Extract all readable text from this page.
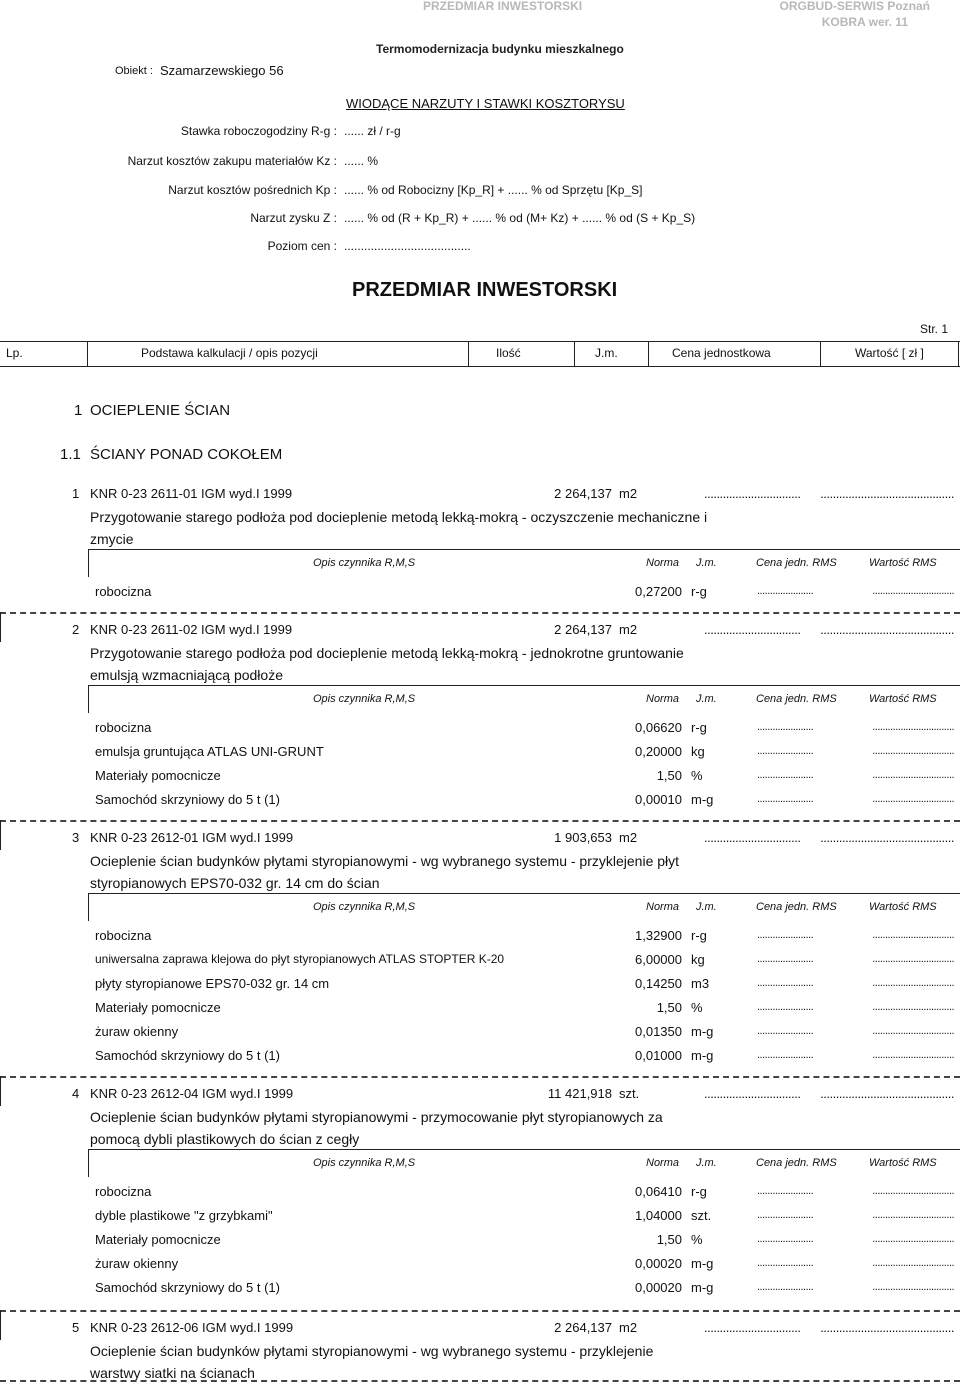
PRZEDMIAR INWESTORSKI	ORGBUD-SERWIS Poznań
KOBRA wer. 11
Termomodernizacja budynku mieszkalnego
Obiekt : Szamarzewskiego 56
WIODĄCE NARZUTY I STAWKI KOSZTORYSU
Stawka roboczogodziny R-g : ...... zł / r-g
Narzut kosztów zakupu materiałów Kz : ...... %
Narzut kosztów pośrednich Kp : ...... % od Robocizny [Kp_R] + ...... % od Sprzętu [Kp_S]
Narzut zysku Z : ...... % od (R + Kp_R) + ...... % od (M+ Kz) + ...... % od (S + Kp_S)
Poziom cen : ......................................
PRZEDMIAR INWESTORSKI
Str. 1
Lp.	Podstawa kalkulacji / opis pozycji	Ilość	J.m.	Cena jednostkowa	Wartość [ zł ]
1 OCIEPLENIE ŚCIAN
1.1 ŚCIANY PONAD COKOŁEM
1 KNR 0-23 2611-01 IGM wyd.I 1999	2 264,137 m2	............................... ...........................................
Przygotowanie starego podłoża pod docieplenie metodą lekką-mokrą - oczyszczenie mechaniczne i
zmycie
Opis czynnika R,M,S	Norma J.m.	Cena jedn. RMS	Wartość RMS
robocizna	0,27200 r-g	......................	................................
2 KNR 0-23 2611-02 IGM wyd.I 1999	2 264,137 m2	............................... ...........................................
Przygotowanie starego podłoża pod docieplenie metodą lekką-mokrą - jednokrotne gruntowanie
emulsją wzmacniającą podłoże
Opis czynnika R,M,S	Norma J.m.	Cena jedn. RMS	Wartość RMS
robocizna	0,06620 r-g	......................	................................
emulsja gruntująca ATLAS UNI-GRUNT	0,20000 kg	......................	................................
Materiały pomocnicze	1,50 %	......................	................................
Samochód skrzyniowy do 5 t (1)	0,00010 m-g	......................	................................
3 KNR 0-23 2612-01 IGM wyd.I 1999	1 903,653 m2	............................... ...........................................
Ocieplenie ścian budynków płytami styropianowymi - wg wybranego systemu - przyklejenie płyt
styropianowych EPS70-032 gr. 14 cm do ścian
Opis czynnika R,M,S	Norma J.m.	Cena jedn. RMS	Wartość RMS
robocizna	1,32900 r-g	......................	................................
uniwersalna zaprawa klejowa do płyt styropianowych ATLAS STOPTER K-20	6,00000 kg	......................	................................
płyty styropianowe EPS70-032 gr. 14 cm	0,14250 m3	......................	................................
Materiały pomocnicze	1,50 %	......................	................................
żuraw okienny	0,01350 m-g	......................	................................
Samochód skrzyniowy do 5 t (1)	0,01000 m-g	......................	................................
4 KNR 0-23 2612-04 IGM wyd.I 1999	11 421,918 szt.	............................... ...........................................
Ocieplenie ścian budynków płytami styropianowymi - przymocowanie płyt styropianowych za
pomocą dybli plastikowych do ścian z cegły
Opis czynnika R,M,S	Norma J.m.	Cena jedn. RMS	Wartość RMS
robocizna	0,06410 r-g	......................	................................
dyble plastikowe "z grzybkami"	1,04000 szt.	......................	................................
Materiały pomocnicze	1,50 %	......................	................................
żuraw okienny	0,00020 m-g	......................	................................
Samochód skrzyniowy do 5 t (1)	0,00020 m-g	......................	................................
5 KNR 0-23 2612-06 IGM wyd.I 1999	2 264,137 m2	............................... ...........................................
Ocieplenie ścian budynków płytami styropianowymi - wg wybranego systemu - przyklejenie
warstwy siatki na ścianach
